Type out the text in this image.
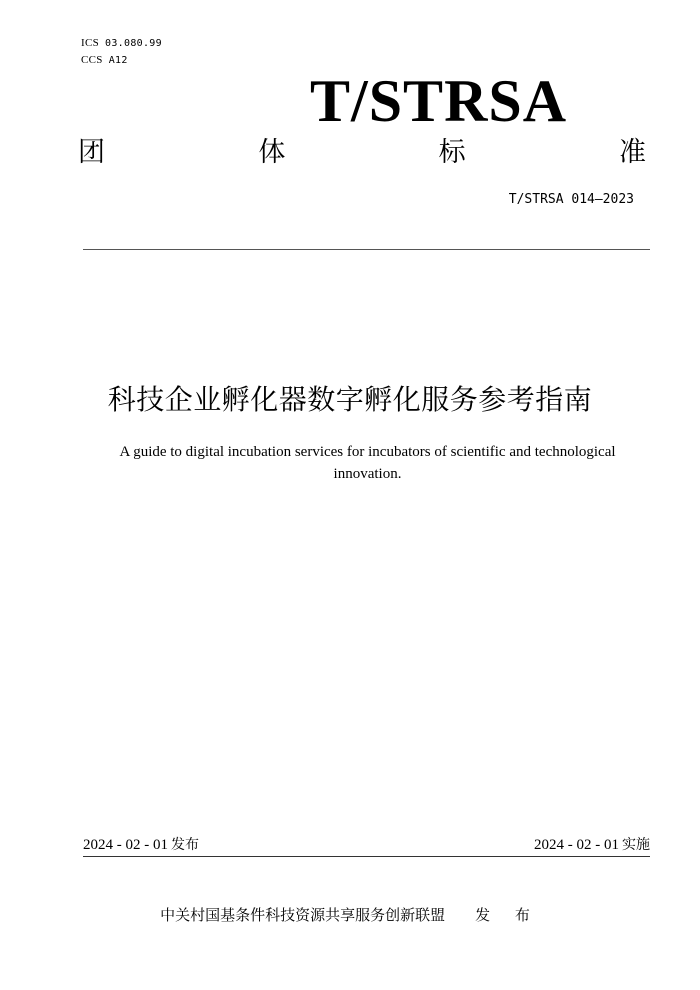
ICS 03.080.99
CCS A12
T/STRSA
团	体	标	准
T/STRSA 014—2023
科技企业孵化器数字孵化服务参考指南
A guide to digital incubation services for incubators of scientific and technological innovation.
2024 - 02 - 01 发布	2024 - 02 - 01 实施
中关村国基条件科技资源共享服务创新联盟 发 布
